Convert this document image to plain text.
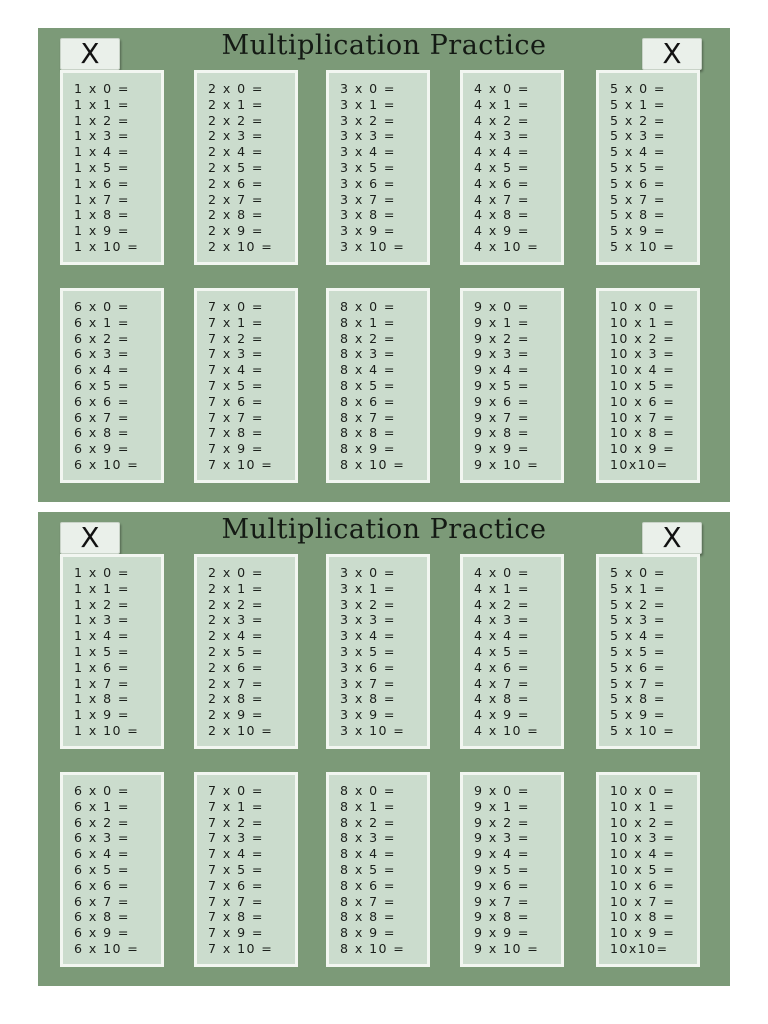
X	Multiplication Practice	X
1 x 0 =
1 x 1 =
1 x 2 =
1 x 3 =
1 x 4 =
1 x 5 =
1 x 6 =
1 x 7 =
1 x 8 =
1 x 9 =
1 x 10 =
2 x 0 =
2 x 1 =
2 x 2 =
2 x 3 =
2 x 4 =
2 x 5 =
2 x 6 =
2 x 7 =
2 x 8 =
2 x 9 =
2 x 10 =
3 x 0 =
3 x 1 =
3 x 2 =
3 x 3 =
3 x 4 =
3 x 5 =
3 x 6 =
3 x 7 =
3 x 8 =
3 x 9 =
3 x 10 =
4 x 0 =
4 x 1 =
4 x 2 =
4 x 3 =
4 x 4 =
4 x 5 =
4 x 6 =
4 x 7 =
4 x 8 =
4 x 9 =
4 x 10 =
5 x 0 =
5 x 1 =
5 x 2 =
5 x 3 =
5 x 4 =
5 x 5 =
5 x 6 =
5 x 7 =
5 x 8 =
5 x 9 =
5 x 10 =
6 x 0 =
6 x 1 =
6 x 2 =
6 x 3 =
6 x 4 =
6 x 5 =
6 x 6 =
6 x 7 =
6 x 8 =
6 x 9 =
6 x 10 =
7 x 0 =
7 x 1 =
7 x 2 =
7 x 3 =
7 x 4 =
7 x 5 =
7 x 6 =
7 x 7 =
7 x 8 =
7 x 9 =
7 x 10 =
8 x 0 =
8 x 1 =
8 x 2 =
8 x 3 =
8 x 4 =
8 x 5 =
8 x 6 =
8 x 7 =
8 x 8 =
8 x 9 =
8 x 10 =
9 x 0 =
9 x 1 =
9 x 2 =
9 x 3 =
9 x 4 =
9 x 5 =
9 x 6 =
9 x 7 =
9 x 8 =
9 x 9 =
9 x 10 =
10 x 0 =
10 x 1 =
10 x 2 =
10 x 3 =
10 x 4 =
10 x 5 =
10 x 6 =
10 x 7 =
10 x 8 =
10 x 9 =
10x10=
X	Multiplication Practice	X
1 x 0 =
1 x 1 =
1 x 2 =
1 x 3 =
1 x 4 =
1 x 5 =
1 x 6 =
1 x 7 =
1 x 8 =
1 x 9 =
1 x 10 =
2 x 0 =
2 x 1 =
2 x 2 =
2 x 3 =
2 x 4 =
2 x 5 =
2 x 6 =
2 x 7 =
2 x 8 =
2 x 9 =
2 x 10 =
3 x 0 =
3 x 1 =
3 x 2 =
3 x 3 =
3 x 4 =
3 x 5 =
3 x 6 =
3 x 7 =
3 x 8 =
3 x 9 =
3 x 10 =
4 x 0 =
4 x 1 =
4 x 2 =
4 x 3 =
4 x 4 =
4 x 5 =
4 x 6 =
4 x 7 =
4 x 8 =
4 x 9 =
4 x 10 =
5 x 0 =
5 x 1 =
5 x 2 =
5 x 3 =
5 x 4 =
5 x 5 =
5 x 6 =
5 x 7 =
5 x 8 =
5 x 9 =
5 x 10 =
6 x 0 =
6 x 1 =
6 x 2 =
6 x 3 =
6 x 4 =
6 x 5 =
6 x 6 =
6 x 7 =
6 x 8 =
6 x 9 =
6 x 10 =
7 x 0 =
7 x 1 =
7 x 2 =
7 x 3 =
7 x 4 =
7 x 5 =
7 x 6 =
7 x 7 =
7 x 8 =
7 x 9 =
7 x 10 =
8 x 0 =
8 x 1 =
8 x 2 =
8 x 3 =
8 x 4 =
8 x 5 =
8 x 6 =
8 x 7 =
8 x 8 =
8 x 9 =
8 x 10 =
9 x 0 =
9 x 1 =
9 x 2 =
9 x 3 =
9 x 4 =
9 x 5 =
9 x 6 =
9 x 7 =
9 x 8 =
9 x 9 =
9 x 10 =
10 x 0 =
10 x 1 =
10 x 2 =
10 x 3 =
10 x 4 =
10 x 5 =
10 x 6 =
10 x 7 =
10 x 8 =
10 x 9 =
10x10=
